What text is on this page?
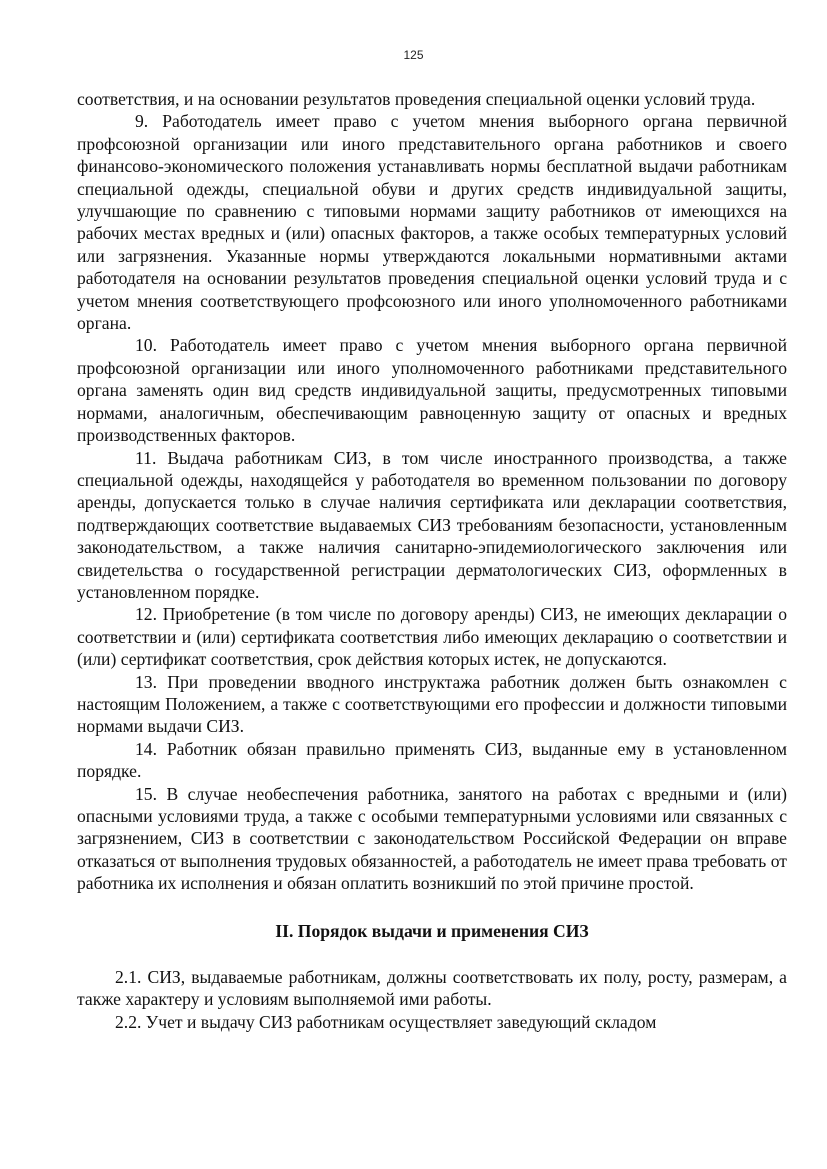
125

соответствия, и на основании результатов проведения специальной оценки условий труда.

9. Работодатель имеет право с учетом мнения выборного органа первичной профсоюзной организации или иного представительного органа работников и своего финансово-экономического положения устанавливать нормы бесплатной выдачи работникам специальной одежды, специальной обуви и других средств индивидуальной защиты, улучшающие по сравнению с типовыми нормами защиту работников от имеющихся на рабочих местах вредных и (или) опасных факторов, а также особых температурных условий или загрязнения. Указанные нормы утверждаются локальными нормативными актами работодателя на основании результатов проведения специальной оценки условий труда и с учетом мнения соответствующего профсоюзного или иного уполномоченного работниками органа.

10. Работодатель имеет право с учетом мнения выборного органа первичной профсоюзной организации или иного уполномоченного работниками представительного органа заменять один вид средств индивидуальной защиты, предусмотренных типовыми нормами, аналогичным, обеспечивающим равноценную защиту от опасных и вредных производственных факторов.

11. Выдача работникам СИЗ, в том числе иностранного производства, а также специальной одежды, находящейся у работодателя во временном пользовании по договору аренды, допускается только в случае наличия сертификата или декларации соответствия, подтверждающих соответствие выдаваемых СИЗ требованиям безопасности, установленным законодательством, а также наличия санитарно-эпидемиологического заключения или свидетельства о государственной регистрации дерматологических СИЗ, оформленных в установленном порядке.

12. Приобретение (в том числе по договору аренды) СИЗ, не имеющих декларации о соответствии и (или) сертификата соответствия либо имеющих декларацию о соответствии и (или) сертификат соответствия, срок действия которых истек, не допускаются.

13. При проведении вводного инструктажа работник должен быть ознакомлен с настоящим Положением, а также с соответствующими его профессии и должности типовыми нормами выдачи СИЗ.

14. Работник обязан правильно применять СИЗ, выданные ему в установленном порядке.

15. В случае необеспечения работника, занятого на работах с вредными и (или) опасными условиями труда, а также с особыми температурными условиями или связанных с загрязнением, СИЗ в соответствии с законодательством Российской Федерации он вправе отказаться от выполнения трудовых обязанностей, а работодатель не имеет права требовать от работника их исполнения и обязан оплатить возникший по этой причине простой.

II. Порядок выдачи и применения СИЗ

2.1. СИЗ, выдаваемые работникам, должны соответствовать их полу, росту, размерам, а также характеру и условиям выполняемой ими работы.

2.2. Учет и выдачу СИЗ работникам осуществляет заведующий складом
